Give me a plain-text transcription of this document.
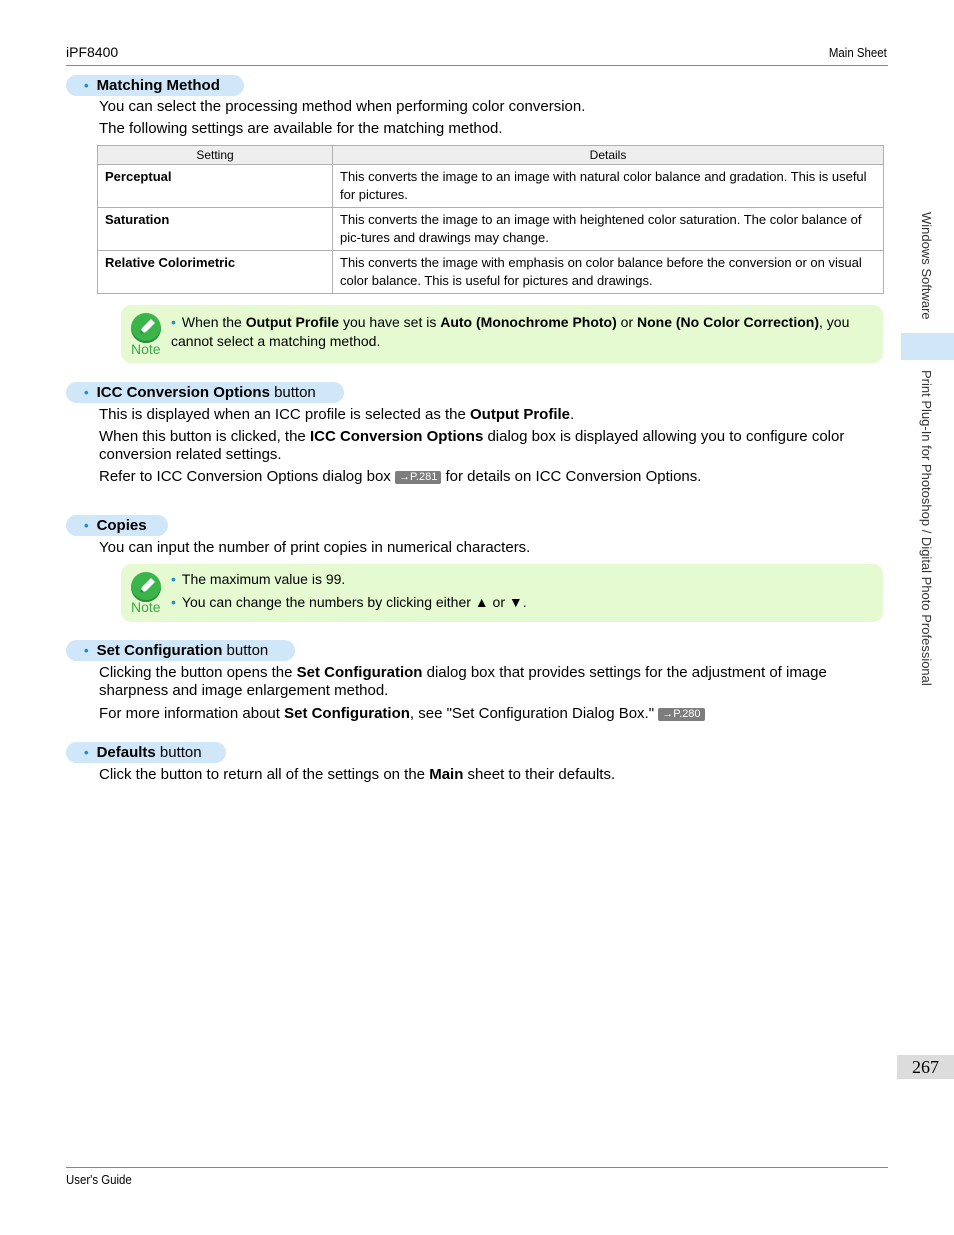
iPF8400	Main Sheet
Windows Software
Print Plug-In for Photoshop / Digital Photo Professional
• Matching Method
You can select the processing method when performing color conversion.
The following settings are available for the matching method.
Setting	Details
Perceptual	This converts the image to an image with natural color balance and gradation. This is useful for pictures.
Saturation	This converts the image to an image with heightened color saturation. The color balance of pic-tures and drawings may change.
Relative Colorimetric	This converts the image with emphasis on color balance before the conversion or on visual color balance. This is useful for pictures and drawings.
Note
• When the Output Profile you have set is Auto (Monochrome Photo) or None (No Color Correction), you cannot select a matching method.
• ICC Conversion Options button
This is displayed when an ICC profile is selected as the Output Profile.
When this button is clicked, the ICC Conversion Options dialog box is displayed allowing you to configure color conversion related settings.
Refer to ICC Conversion Options dialog box →P.281 for details on ICC Conversion Options.
• Copies
You can input the number of print copies in numerical characters.
Note
• The maximum value is 99.
• You can change the numbers by clicking either ▲ or ▼.
• Set Configuration button
Clicking the button opens the Set Configuration dialog box that provides settings for the adjustment of image sharpness and image enlargement method.
For more information about Set Configuration, see "Set Configuration Dialog Box." →P.280
• Defaults button
Click the button to return all of the settings on the Main sheet to their defaults.
267
User's Guide
